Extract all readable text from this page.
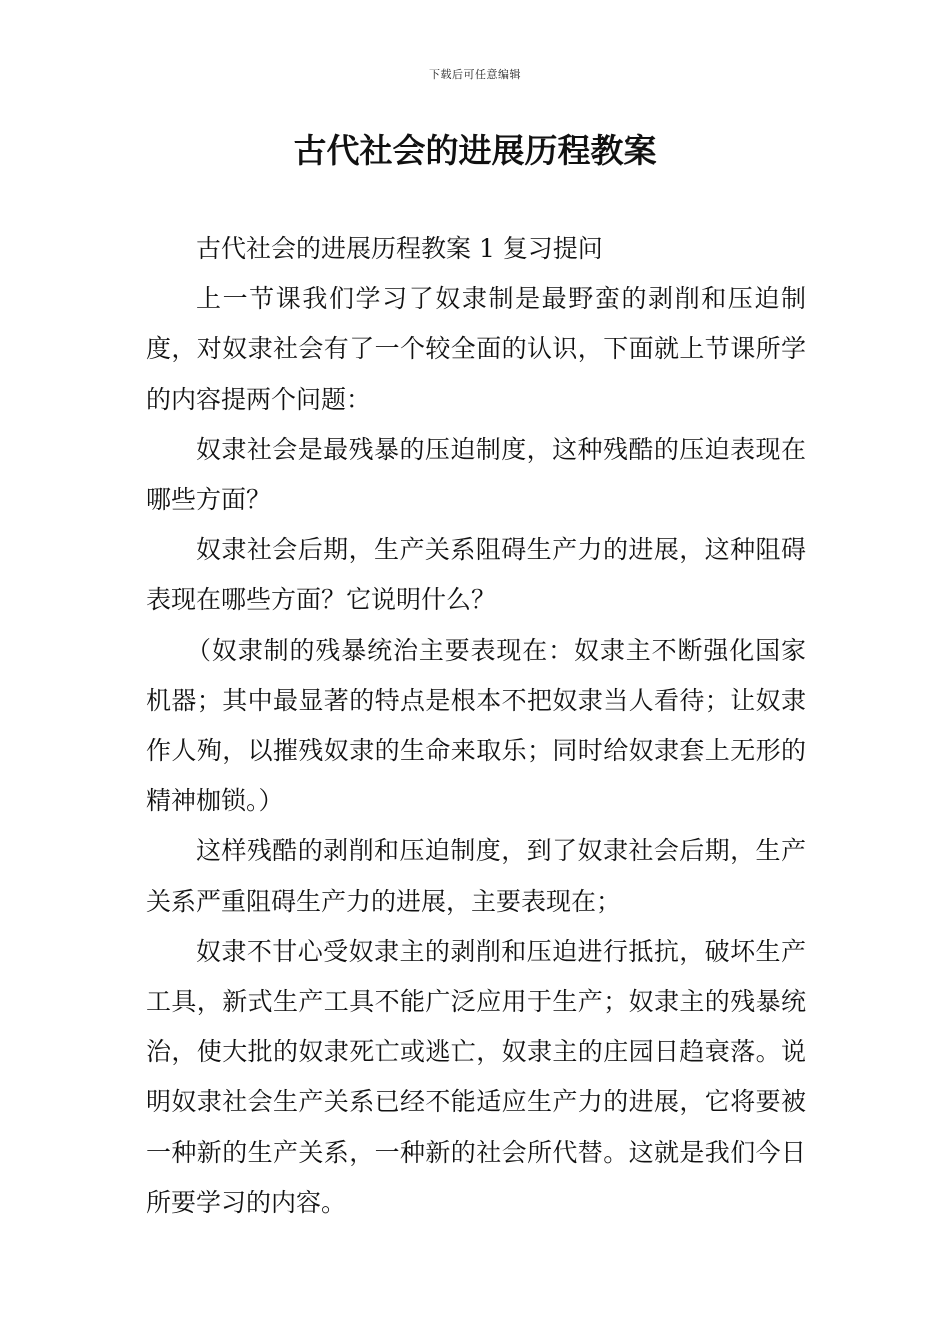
下载后可任意编辑
古代社会的进展历程教案

古代社会的进展历程教案 1 复习提问

上一节课我们学习了奴隶制是最野蛮的剥削和压迫制度，对奴隶社会有了一个较全面的认识，下面就上节课所学的内容提两个问题：

奴隶社会是最残暴的压迫制度，这种残酷的压迫表现在哪些方面？

奴隶社会后期，生产关系阻碍生产力的进展，这种阻碍表现在哪些方面？它说明什么？

（奴隶制的残暴统治主要表现在：奴隶主不断强化国家机器；其中最显著的特点是根本不把奴隶当人看待；让奴隶作人殉，以摧残奴隶的生命来取乐；同时给奴隶套上无形的精神枷锁。）

这样残酷的剥削和压迫制度，到了奴隶社会后期，生产关系严重阻碍生产力的进展，主要表现在；

奴隶不甘心受奴隶主的剥削和压迫进行抵抗，破坏生产工具，新式生产工具不能广泛应用于生产；奴隶主的残暴统治，使大批的奴隶死亡或逃亡，奴隶主的庄园日趋衰落。说明奴隶社会生产关系已经不能适应生产力的进展，它将要被一种新的生产关系，一种新的社会所代替。这就是我们今日所要学习的内容。
